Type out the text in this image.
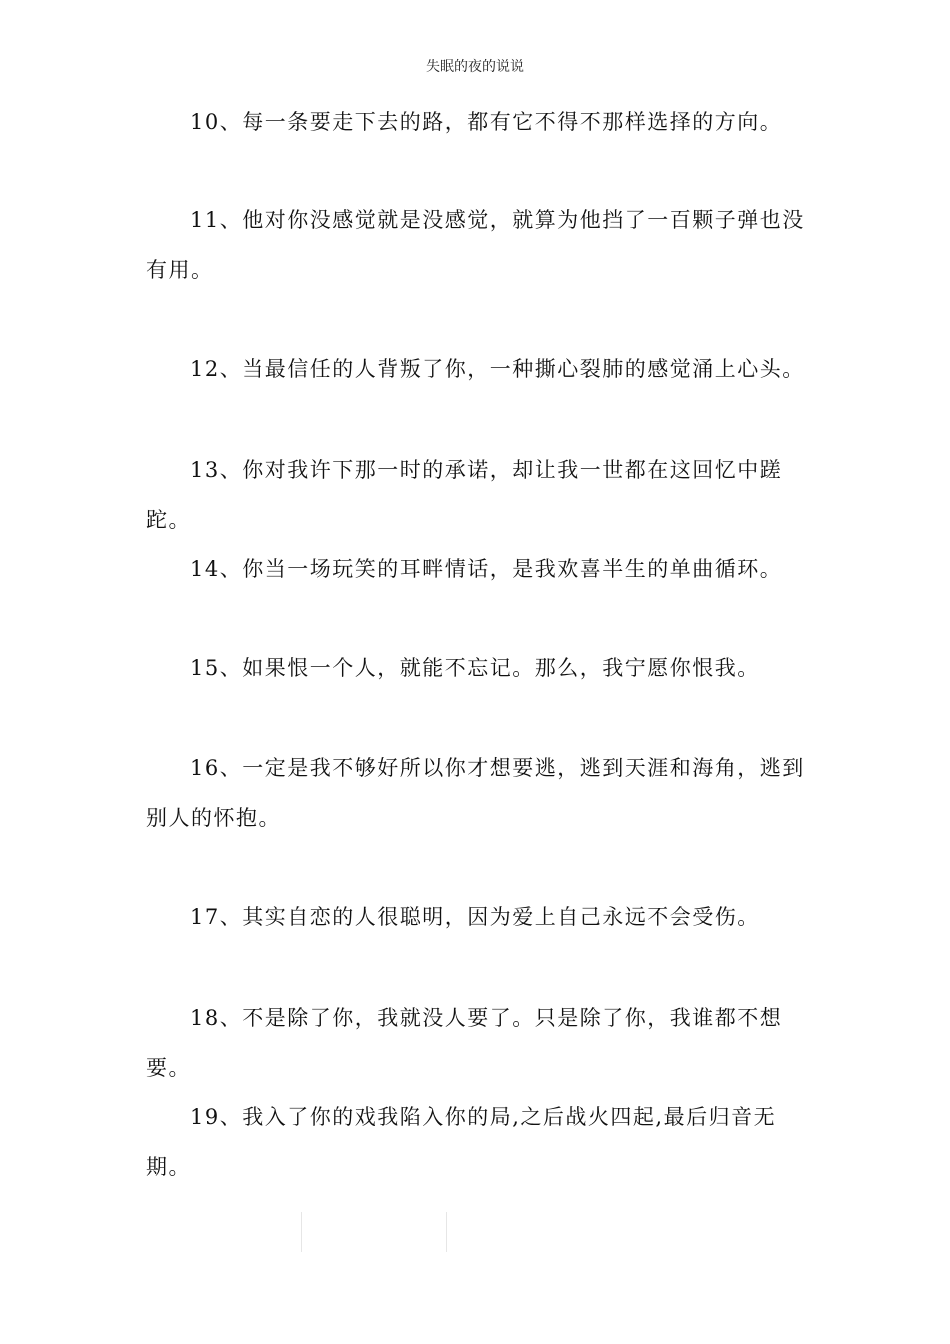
失眠的夜的说说

10、每一条要走下去的路，都有它不得不那样选择的方向。

11、他对你没感觉就是没感觉，就算为他挡了一百颗子弹也没有用。

12、当最信任的人背叛了你，一种撕心裂肺的感觉涌上心头。

13、你对我许下那一时的承诺，却让我一世都在这回忆中蹉跎。

14、你当一场玩笑的耳畔情话，是我欢喜半生的单曲循环。

15、如果恨一个人，就能不忘记。那么，我宁愿你恨我。

16、一定是我不够好所以你才想要逃，逃到天涯和海角，逃到别人的怀抱。

17、其实自恋的人很聪明，因为爱上自己永远不会受伤。

18、不是除了你，我就没人要了。只是除了你，我谁都不想要。

19、我入了你的戏我陷入你的局,之后战火四起,最后归音无期。
